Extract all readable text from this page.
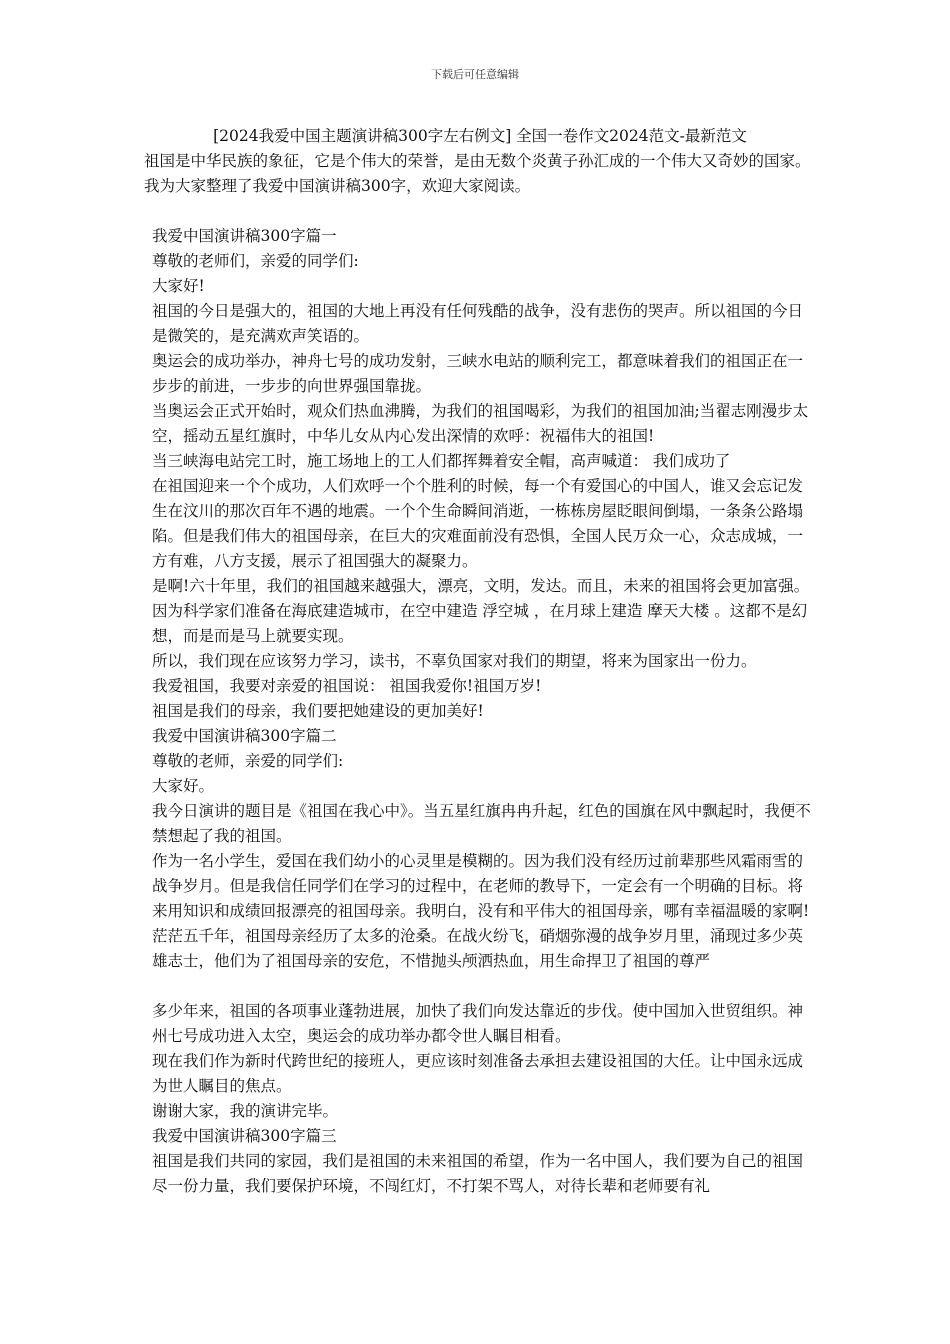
下载后可任意编辑

[2024我爱中国主题演讲稿300字左右例文] 全国一卷作文2024范文-最新范文

祖国是中华民族的象征，它是个伟大的荣誉，是由无数个炎黄子孙汇成的一个伟大又奇妙的国家。我为大家整理了我爱中国演讲稿300字，欢迎大家阅读。

我爱中国演讲稿300字篇一

尊敬的老师们，亲爱的同学们:

大家好!

祖国的今日是强大的，祖国的大地上再没有任何残酷的战争，没有悲伤的哭声。所以祖国的今日是微笑的，是充满欢声笑语的。

奥运会的成功举办，神舟七号的成功发射，三峡水电站的顺利完工，都意味着我们的祖国正在一步步的前进，一步步的向世界强国靠拢。

当奥运会正式开始时，观众们热血沸腾，为我们的祖国喝彩，为我们的祖国加油;当翟志刚漫步太空，摇动五星红旗时，中华儿女从内心发出深情的欢呼：祝福伟大的祖国!

当三峡海电站完工时，施工场地上的工人们都挥舞着安全帽，高声喊道： 我们成功了

在祖国迎来一个个成功，人们欢呼一个个胜利的时候，每一个有爱国心的中国人，谁又会忘记发生在汶川的那次百年不遇的地震。一个个生命瞬间消逝，一栋栋房屋眨眼间倒塌，一条条公路塌陷。但是我们伟大的祖国母亲，在巨大的灾难面前没有恐惧，全国人民万众一心，众志成城，一方有难，八方支援，展示了祖国强大的凝聚力。

是啊!六十年里，我们的祖国越来越强大，漂亮，文明，发达。而且，未来的祖国将会更加富强。因为科学家们准备在海底建造城市，在空中建造 浮空城 ，在月球上建造 摩天大楼 。这都不是幻想，而是而是马上就要实现。

所以，我们现在应该努力学习，读书，不辜负国家对我们的期望，将来为国家出一份力。

我爱祖国，我要对亲爱的祖国说： 祖国我爱你!祖国万岁!

祖国是我们的母亲，我们要把她建设的更加美好!

我爱中国演讲稿300字篇二

尊敬的老师，亲爱的同学们:

大家好。

我今日演讲的题目是《祖国在我心中》。当五星红旗冉冉升起，红色的国旗在风中飘起时，我便不禁想起了我的祖国。

作为一名小学生，爱国在我们幼小的心灵里是模糊的。因为我们没有经历过前辈那些风霜雨雪的战争岁月。但是我信任同学们在学习的过程中，在老师的教导下，一定会有一个明确的目标。将来用知识和成绩回报漂亮的祖国母亲。我明白，没有和平伟大的祖国母亲，哪有幸福温暖的家啊!

茫茫五千年，祖国母亲经历了太多的沧桑。在战火纷飞，硝烟弥漫的战争岁月里，涌现过多少英雄志士，他们为了祖国母亲的安危，不惜抛头颅洒热血，用生命捍卫了祖国的尊严

多少年来，祖国的各项事业蓬勃进展，加快了我们向发达靠近的步伐。使中国加入世贸组织。神州七号成功进入太空，奥运会的成功举办都令世人瞩目相看。

现在我们作为新时代跨世纪的接班人，更应该时刻准备去承担去建设祖国的大任。让中国永远成为世人瞩目的焦点。

谢谢大家，我的演讲完毕。

我爱中国演讲稿300字篇三

祖国是我们共同的家园，我们是祖国的未来祖国的希望，作为一名中国人，我们要为自己的祖国尽一份力量，我们要保护环境，不闯红灯，不打架不骂人，对待长辈和老师要有礼
